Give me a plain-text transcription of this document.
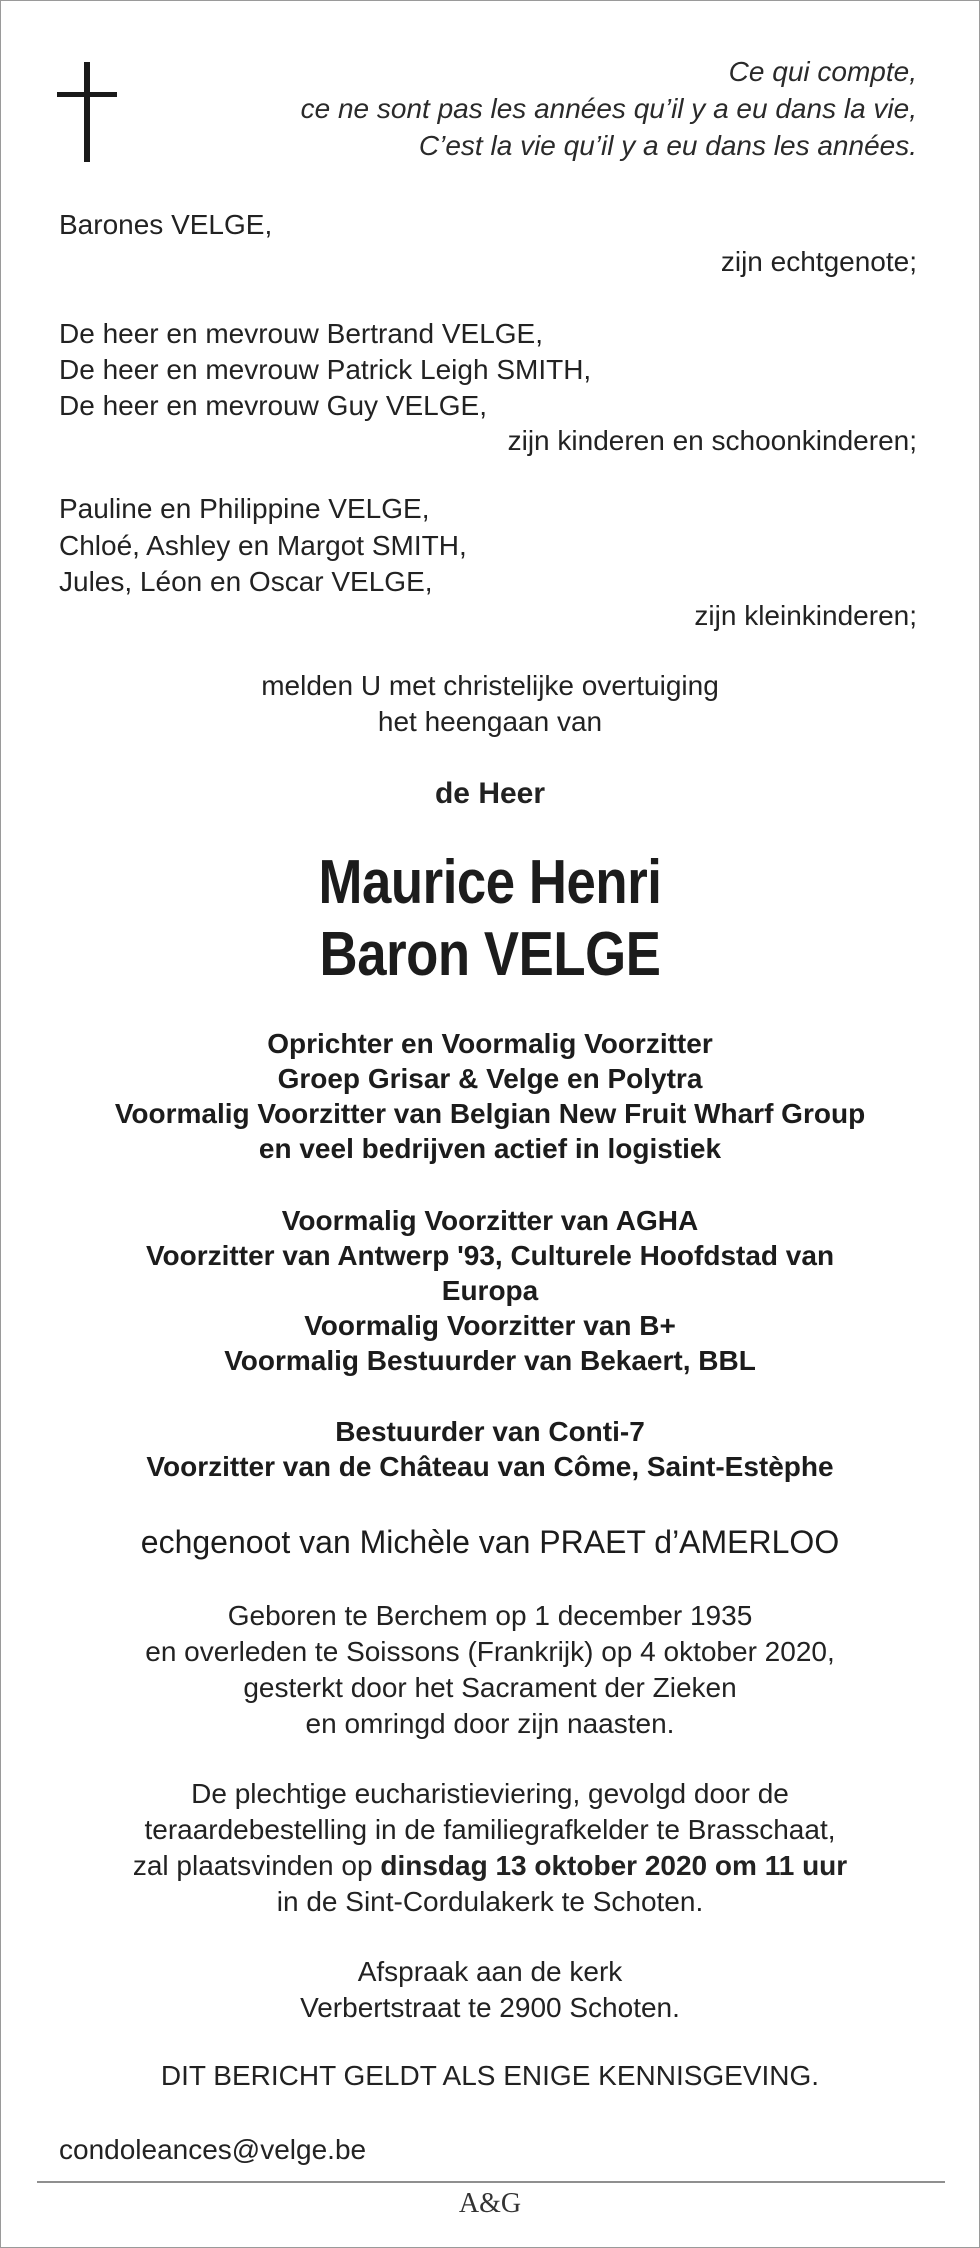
Ce qui compte,
ce ne sont pas les années qu’il y a eu dans la vie,
C’est la vie qu’il y a eu dans les années.
Barones VELGE,
zijn echtgenote;
De heer en mevrouw Bertrand VELGE,
De heer en mevrouw Patrick Leigh SMITH,
De heer en mevrouw Guy VELGE,
zijn kinderen en schoonkinderen;
Pauline en Philippine VELGE,
Chloé, Ashley en Margot SMITH,
Jules, Léon en Oscar VELGE,
zijn kleinkinderen;
melden U met christelijke overtuiging
het heengaan van
de Heer
Maurice Henri
Baron VELGE
Oprichter en Voormalig Voorzitter
Groep Grisar & Velge en Polytra
Voormalig Voorzitter van Belgian New Fruit Wharf Group
en veel bedrijven actief in logistiek
Voormalig Voorzitter van AGHA
Voorzitter van Antwerp '93, Culturele Hoofdstad van
Europa
Voormalig Voorzitter van B+
Voormalig Bestuurder van Bekaert, BBL
Bestuurder van Conti-7
Voorzitter van de Château van Côme, Saint-Estèphe
echgenoot van Michèle van PRAET d’AMERLOO
Geboren te Berchem op 1 december 1935
en overleden te Soissons (Frankrijk) op 4 oktober 2020,
gesterkt door het Sacrament der Zieken
en omringd door zijn naasten.
De plechtige eucharistieviering, gevolgd door de
teraardebestelling in de familiegrafkelder te Brasschaat,
zal plaatsvinden op dinsdag 13 oktober 2020 om 11 uur
in de Sint-Cordulakerk te Schoten.
Afspraak aan de kerk
Verbertstraat te 2900 Schoten.
DIT BERICHT GELDT ALS ENIGE KENNISGEVING.
condoleances@velge.be
A&G
